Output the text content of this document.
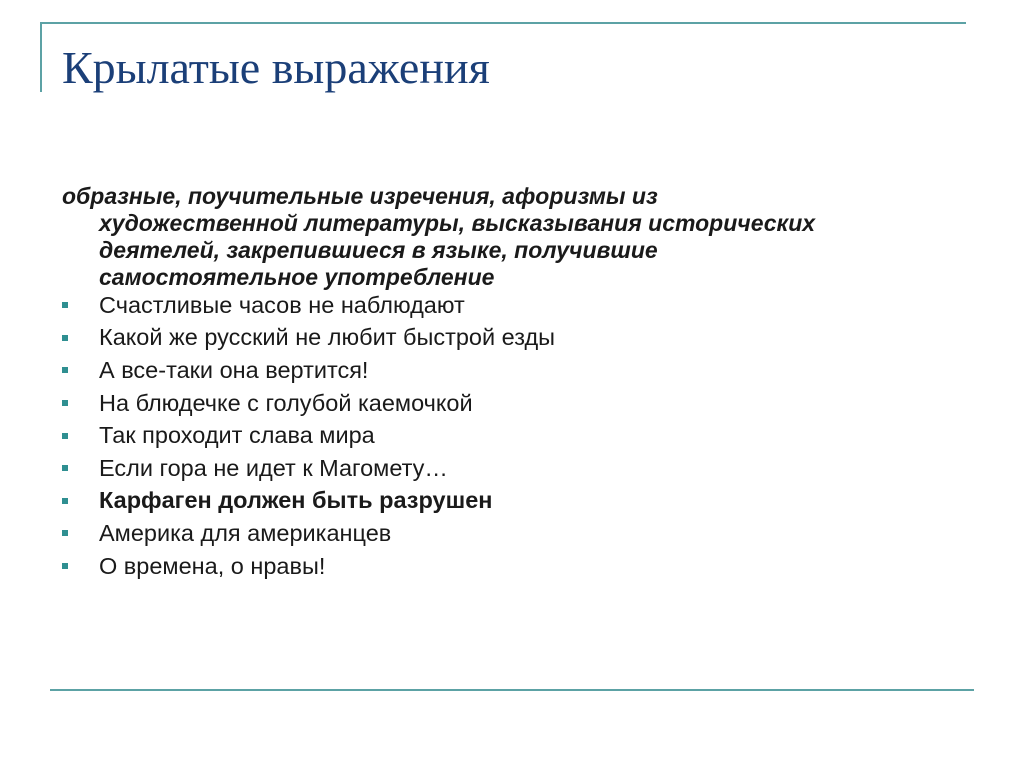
Крылатые выражения

образные, поучительные изречения, афоризмы из
художественной литературы, высказывания исторических
деятелей, закрепившиеся в языке, получившие
самостоятельное употребление

Счастливые часов не наблюдают
Какой же русский не любит быстрой езды
А все-таки она вертится!
На блюдечке с голубой каемочкой
Так проходит слава мира
Если гора не идет к Магомету…
Карфаген должен быть разрушен
Америка для американцев
О времена, о нравы!
